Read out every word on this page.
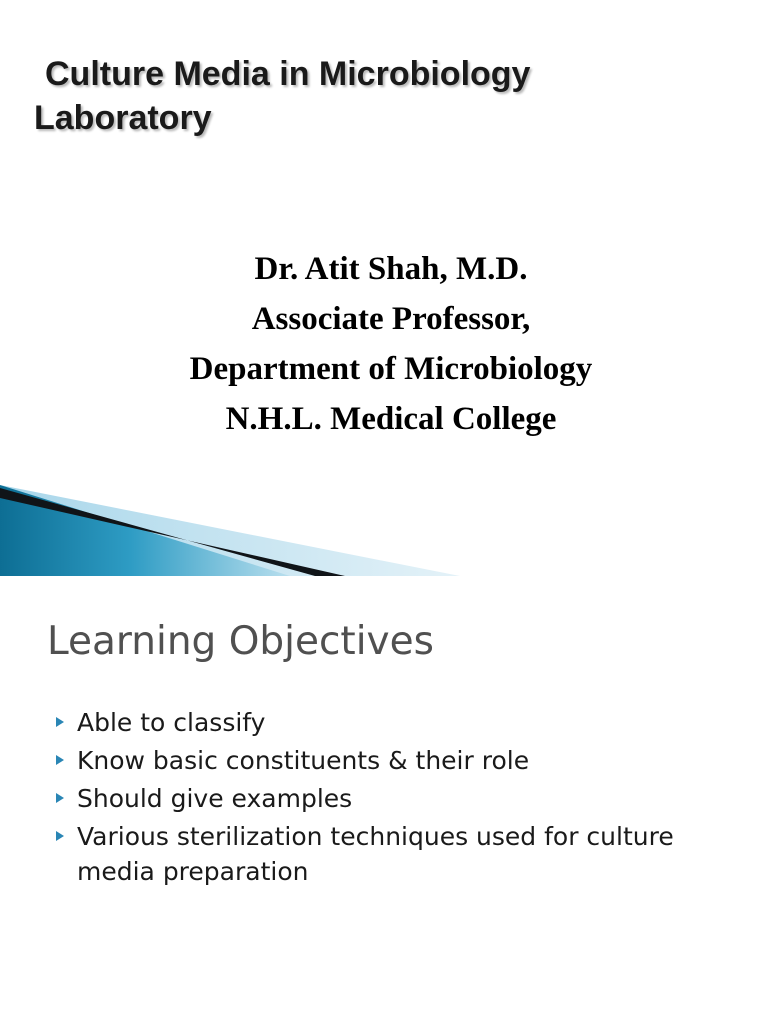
Culture Media in Microbiology
Laboratory
Dr. Atit Shah, M.D.
Associate Professor,
Department of Microbiology
N.H.L. Medical College
Learning Objectives
Able to classify
Know basic constituents & their role
Should give examples
Various sterilization techniques used for culture media preparation
